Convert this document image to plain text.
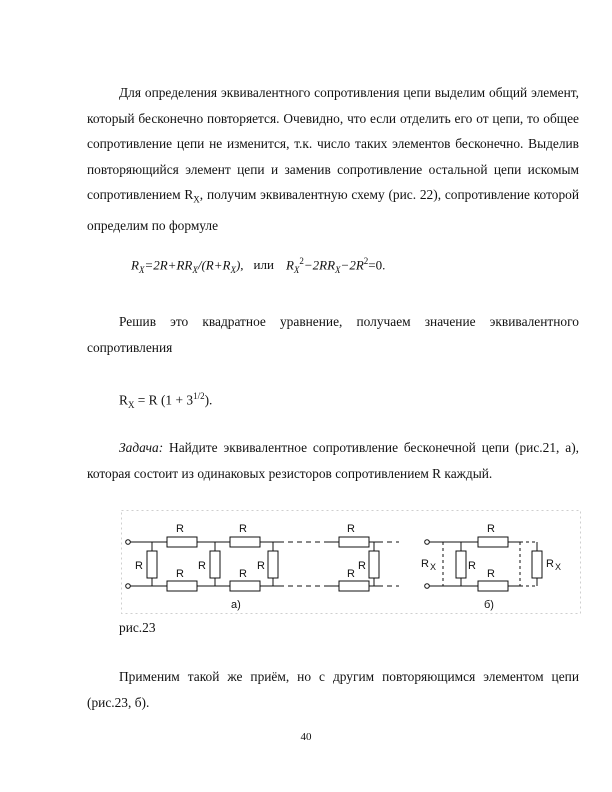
Для определения эквивалентного сопротивления цепи выделим общий элемент, который бесконечно повторяется. Очевидно, что если отделить его от цепи, то общее сопротивление цепи не изменится, т.к. число таких элементов бесконечно. Выделив повторяющийся элемент цепи и заменив сопротивление остальной цепи искомым сопротивлением $R_X$, получим эквивалентную схему (рис. 22), сопротивление которой определим по формуле

$R_X=2R+RR_X/(R+R_X)$, или $R_X^2-2RR_X-2R^2=0$.

Решив это квадратное уравнение, получаем значение эквивалентного сопротивления

$R_X = R$ $(1 + 3^{1/2})$.

Задача: Найдите эквивалентное сопротивление бесконечной цепи (рис.21, а), которая состоит из одинаковых резисторов сопротивлением R каждый.

R	R	R
R	R	R
R	R	R	R
а)
R
R
R
R X	R X
б)
рис.23

Применим такой же приём, но с другим повторяющимся элементом цепи (рис.23, б).

40
